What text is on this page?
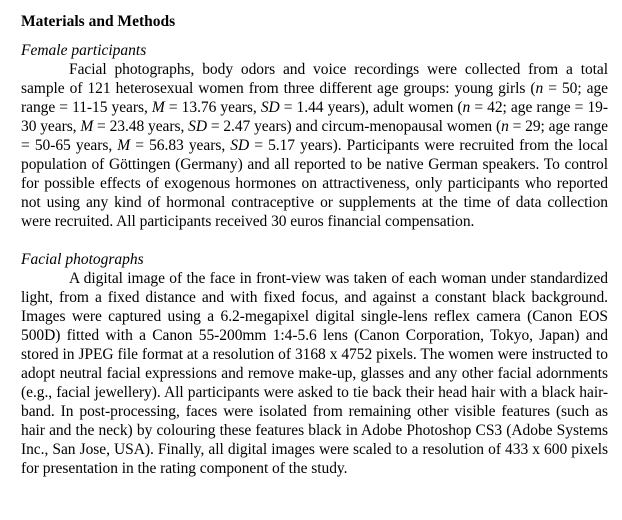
Materials and Methods
Female participants

Facial photographs, body odors and voice recordings were collected from a total sample of 121 heterosexual women from three different age groups: young girls (n = 50; age range = 11-15 years, M = 13.76 years, SD = 1.44 years), adult women (n = 42; age range = 19-30 years, M = 23.48 years, SD = 2.47 years) and circum-menopausal women (n = 29; age range = 50-65 years, M = 56.83 years, SD = 5.17 years). Participants were recruited from the local population of Göttingen (Germany) and all reported to be native German speakers. To control for possible effects of exogenous hormones on attractiveness, only participants who reported not using any kind of hormonal contraceptive or supplements at the time of data collection were recruited. All participants received 30 euros financial compensation.

Facial photographs

A digital image of the face in front-view was taken of each woman under standardized light, from a fixed distance and with fixed focus, and against a constant black background. Images were captured using a 6.2-megapixel digital single-lens reflex camera (Canon EOS 500D) fitted with a Canon 55-200mm 1:4-5.6 lens (Canon Corporation, Tokyo, Japan) and stored in JPEG file format at a resolution of 3168 x 4752 pixels. The women were instructed to adopt neutral facial expressions and remove make-up, glasses and any other facial adornments (e.g., facial jewellery). All participants were asked to tie back their head hair with a black hair-band. In post-processing, faces were isolated from remaining other visible features (such as hair and the neck) by colouring these features black in Adobe Photoshop CS3 (Adobe Systems Inc., San Jose, USA). Finally, all digital images were scaled to a resolution of 433 x 600 pixels for presentation in the rating component of the study.
